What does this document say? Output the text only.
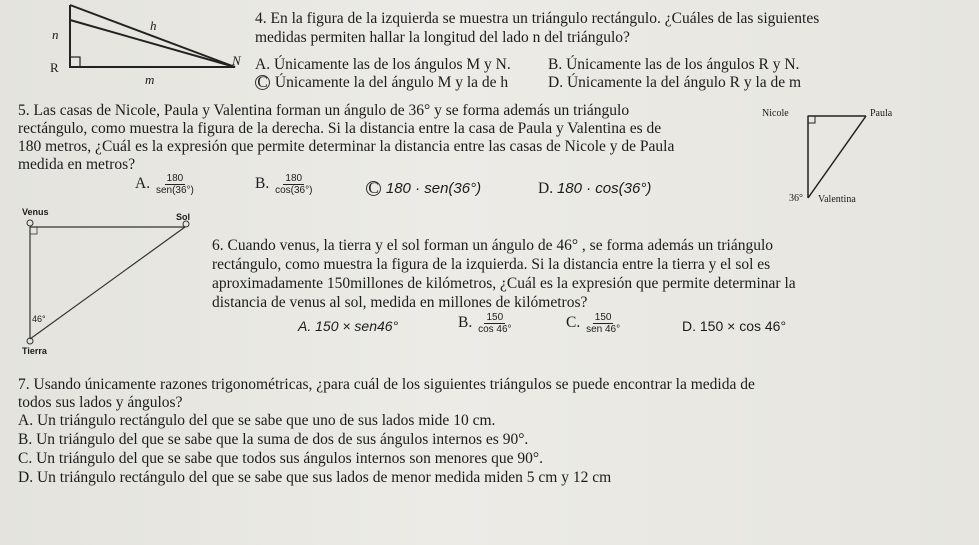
n
h
R
m
N
4. En la figura de la izquierda se muestra un triángulo rectángulo. ¿Cuáles de las siguientes
medidas permiten hallar la longitud del lado n del triángulo?
A. Únicamente las de los ángulos M y N. B. Únicamente las de los ángulos R y N.
C Únicamente la del ángulo M y la de h	D. Únicamente la del ángulo R y la de m
5. Las casas de Nicole, Paula y Valentina forman un ángulo de 36° y se forma además un triángulo
rectángulo, como muestra la figura de la derecha. Si la distancia entre la casa de Paula y Valentina es de
180 metros, ¿Cuál es la expresión que permite determinar la distancia entre las casas de Nicole y de Paula
medida en metros?
A. $\frac{180}{\text{sen(36°)}}$	B. $\frac{180}{\cos(36^\circ)}$	C 180 · sen(36°)	D. 180 · cos(36°)
Nicole	Paula
36° Valentina
Venus	Sol
46°
Tierra
6. Cuando venus, la tierra y el sol forman un ángulo de 46° , se forma además un triángulo
rectángulo, como muestra la figura de la izquierda. Si la distancia entre la tierra y el sol es
aproximadamente 150millones de kilómetros, ¿Cuál es la expresión que permite determinar la
distancia de venus al sol, medida en millones de kilómetros?
A. 150 × sen46°	B. $\frac{150}{\cos 46^\circ}$	C. $\frac{150}{\text{sen 46°}}$	D. 150 × cos 46°
7. Usando únicamente razones trigonométricas, ¿para cuál de los siguientes triángulos se puede encontrar la medida de
todos sus lados y ángulos?
A. Un triángulo rectángulo del que se sabe que uno de sus lados mide 10 cm.
B. Un triángulo del que se sabe que la suma de dos de sus ángulos internos es 90°.
C. Un triángulo del que se sabe que todos sus ángulos internos son menores que 90°.
D. Un triángulo rectángulo del que se sabe que sus lados de menor medida miden 5 cm y 12 cm
